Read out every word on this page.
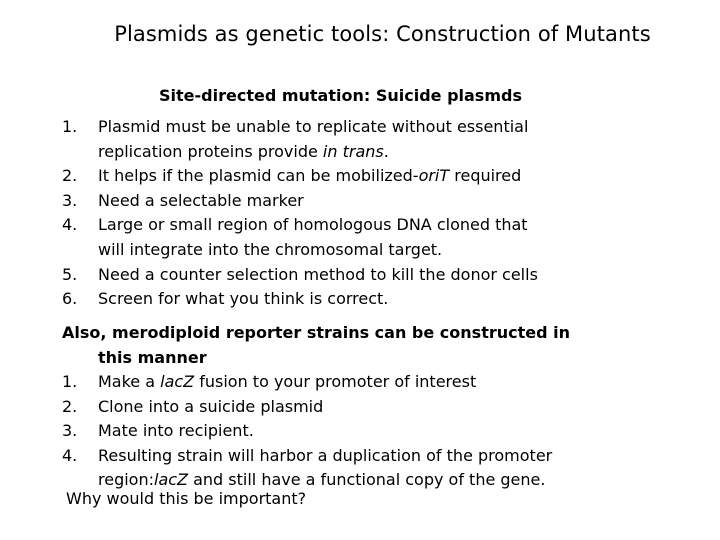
Plasmids as genetic tools: Construction of Mutants
Site-directed mutation: Suicide plasmds
1. Plasmid must be unable to replicate without essential
replication proteins provide in trans.
2. It helps if the plasmid can be mobilized-oriT required
3. Need a selectable marker
4. Large or small region of homologous DNA cloned that
will integrate into the chromosomal target.
5. Need a counter selection method to kill the donor cells
6. Screen for what you think is correct.
Also, merodiploid reporter strains can be constructed in
this manner
1. Make a lacZ fusion to your promoter of interest
2. Clone into a suicide plasmid
3. Mate into recipient.
4. Resulting strain will harbor a duplication of the promoter
region:lacZ and still have a functional copy of the gene.
Why would this be important?
